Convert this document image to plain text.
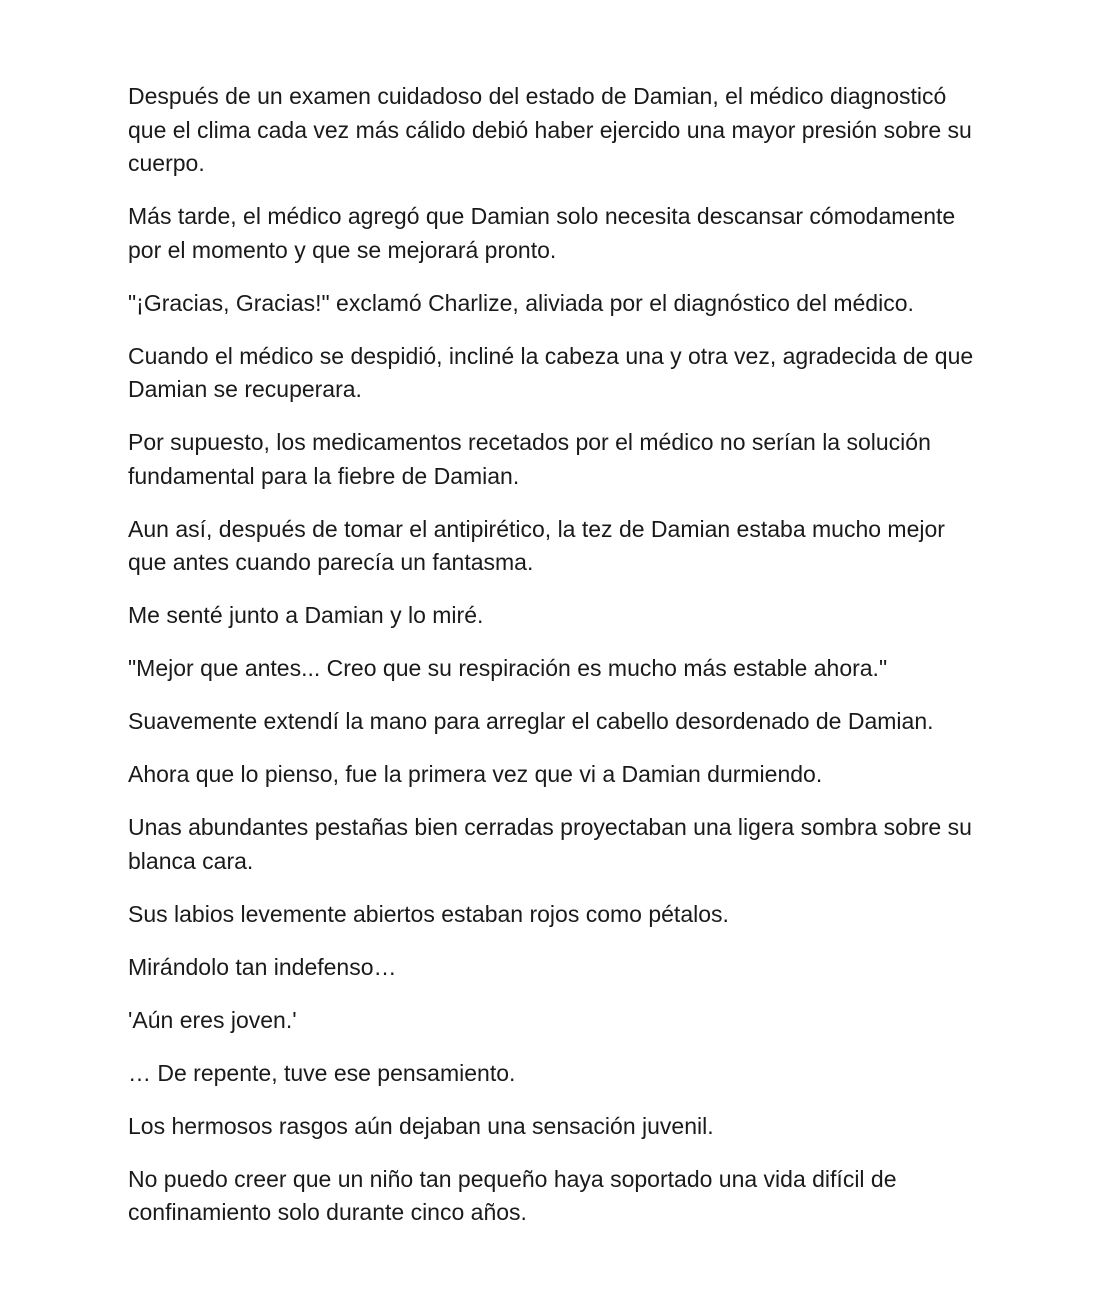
Después de un examen cuidadoso del estado de Damian, el médico diagnosticó que el clima cada vez más cálido debió haber ejercido una mayor presión sobre su cuerpo.

Más tarde, el médico agregó que Damian solo necesita descansar cómodamente por el momento y que se mejorará pronto.

"¡Gracias, Gracias!" exclamó Charlize, aliviada por el diagnóstico del médico.

Cuando el médico se despidió, incliné la cabeza una y otra vez, agradecida de que Damian se recuperara.

Por supuesto, los medicamentos recetados por el médico no serían la solución fundamental para la fiebre de Damian.

Aun así, después de tomar el antipirético, la tez de Damian estaba mucho mejor que antes cuando parecía un fantasma.

Me senté junto a Damian y lo miré.

"Mejor que antes... Creo que su respiración es mucho más estable ahora."

Suavemente extendí la mano para arreglar el cabello desordenado de Damian.

Ahora que lo pienso, fue la primera vez que vi a Damian durmiendo.

Unas abundantes pestañas bien cerradas proyectaban una ligera sombra sobre su blanca cara.

Sus labios levemente abiertos estaban rojos como pétalos.

Mirándolo tan indefenso…

'Aún eres joven.'

… De repente, tuve ese pensamiento.

Los hermosos rasgos aún dejaban una sensación juvenil.

No puedo creer que un niño tan pequeño haya soportado una vida difícil de confinamiento solo durante cinco años.
